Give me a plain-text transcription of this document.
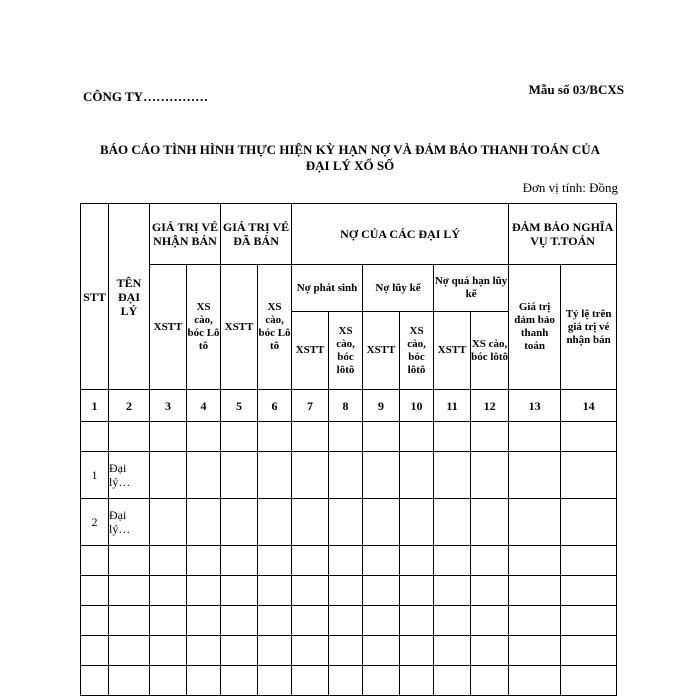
CÔNG TY……………	Mẫu số 03/BCXS
BÁO CÁO TÌNH HÌNH THỰC HIỆN KỲ HẠN NỢ VÀ ĐẢM BẢO THANH TOÁN CỦA
ĐẠI LÝ XỔ SỐ
Đơn vị tính: Đồng
STT	TÊN ĐẠI LÝ	GIÁ TRỊ VÉ NHẬN BÁN		GIÁ TRỊ VÉ ĐÃ BÁN		NỢ CỦA CÁC ĐẠI LÝ						ĐẢM BẢO NGHĨA VỤ T.TOÁN	
		XSTT	XS cào, bóc Lô tô	XSTT	XS cào, bóc Lô tô	Nợ phát sinh		Nợ lũy kế		Nợ quá hạn lũy kế		Giá trị đảm bảo thanh toán	Tỷ lệ trên giá trị vé nhận bán
						XSTT	XS cào, bóc lôtô	XSTT	XS cào, bóc lôtô	XSTT	XS cào, bóc lôtô		
1	2	3	4	5	6	7	8	9	10	11	12	13	14

1	Đại lý…												
2	Đại lý…												
